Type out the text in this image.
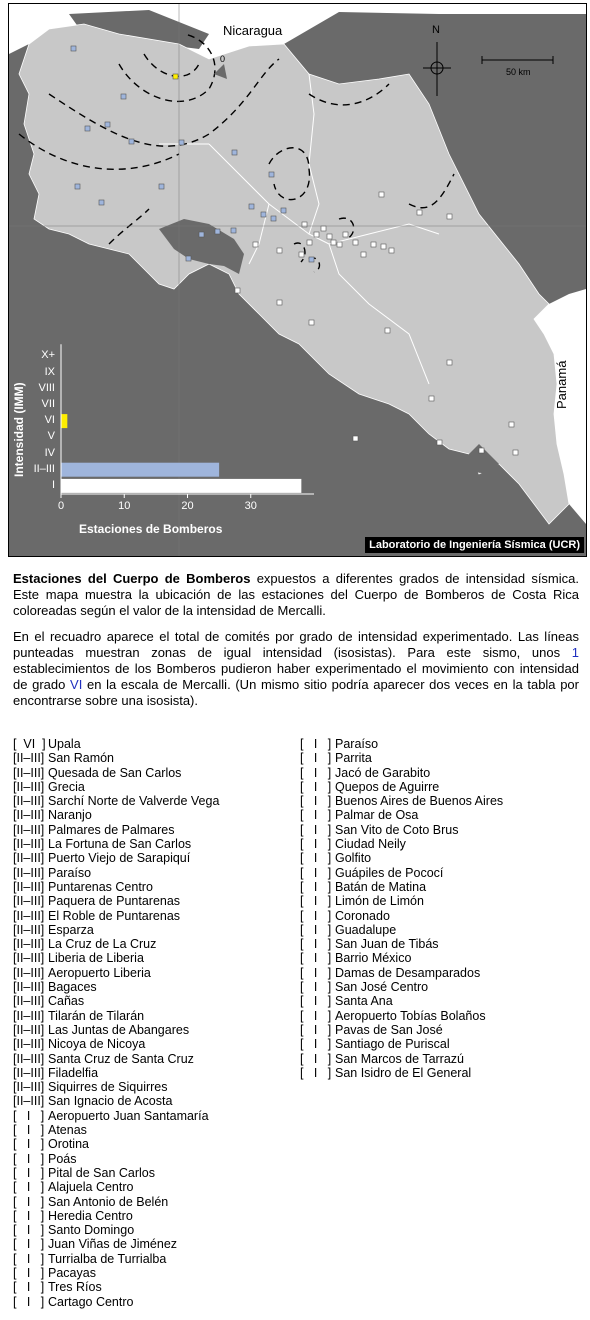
0
Nicaragua
Panamá
N
50 km
I
II–III
IV
V
VI
VII
VIII
IX
X+
0	10	20	30
Intensidad (IMM)
Estaciones de Bomberos
Laboratorio de Ingeniería Sísmica (UCR)

Estaciones del Cuerpo de Bomberos expuestos a diferentes grados de intensidad sísmica. Este mapa muestra la ubicación de las estaciones del Cuerpo de Bomberos de Costa Rica coloreadas según el valor de la intensidad de Mercalli.

En el recuadro aparece el total de comités por grado de intensidad experimentado. Las líneas punteadas muestran zonas de igual intensidad (isosistas). Para este sismo, unos 1 establecimientos de los Bomberos pudieron haber experimentado el movimiento con intensidad de grado VI en la escala de Mercalli. (Un mismo sitio podría aparecer dos veces en la tabla por encontrarse sobre una isosista).

[  VI  ] Upala
[II–III] San Ramón
[II–III] Quesada de San Carlos
[II–III] Grecia
[II–III] Sarchí Norte de Valverde Vega
[II–III] Naranjo
[II–III] Palmares de Palmares
[II–III] La Fortuna de San Carlos
[II–III] Puerto Viejo de Sarapiquí
[II–III] Paraíso
[II–III] Puntarenas Centro
[II–III] Paquera de Puntarenas
[II–III] El Roble de Puntarenas
[II–III] Esparza
[II–III] La Cruz de La Cruz
[II–III] Liberia de Liberia
[II–III] Aeropuerto Liberia
[II–III] Bagaces
[II–III] Cañas
[II–III] Tilarán de Tilarán
[II–III] Las Juntas de Abangares
[II–III] Nicoya de Nicoya
[II–III] Santa Cruz de Santa Cruz
[II–III] Filadelfia
[II–III] Siquirres de Siquirres
[II–III] San Ignacio de Acosta
[   I   ] Aeropuerto Juan Santamaría
[   I   ] Atenas
[   I   ] Orotina
[   I   ] Poás
[   I   ] Pital de San Carlos
[   I   ] Alajuela Centro
[   I   ] San Antonio de Belén
[   I   ] Heredia Centro
[   I   ] Santo Domingo
[   I   ] Juan Viñas de Jiménez
[   I   ] Turrialba de Turrialba
[   I   ] Pacayas
[   I   ] Tres Ríos
[   I   ] Cartago Centro
[   I   ] Paraíso
[   I   ] Parrita
[   I   ] Jacó de Garabito
[   I   ] Quepos de Aguirre
[   I   ] Buenos Aires de Buenos Aires
[   I   ] Palmar de Osa
[   I   ] San Vito de Coto Brus
[   I   ] Ciudad Neily
[   I   ] Golfito
[   I   ] Guápiles de Pococí
[   I   ] Batán de Matina
[   I   ] Limón de Limón
[   I   ] Coronado
[   I   ] Guadalupe
[   I   ] San Juan de Tibás
[   I   ] Barrio México
[   I   ] Damas de Desamparados
[   I   ] San José Centro
[   I   ] Santa Ana
[   I   ] Aeropuerto Tobías Bolaños
[   I   ] Pavas de San José
[   I   ] Santiago de Puriscal
[   I   ] San Marcos de Tarrazú
[   I   ] San Isidro de El General
